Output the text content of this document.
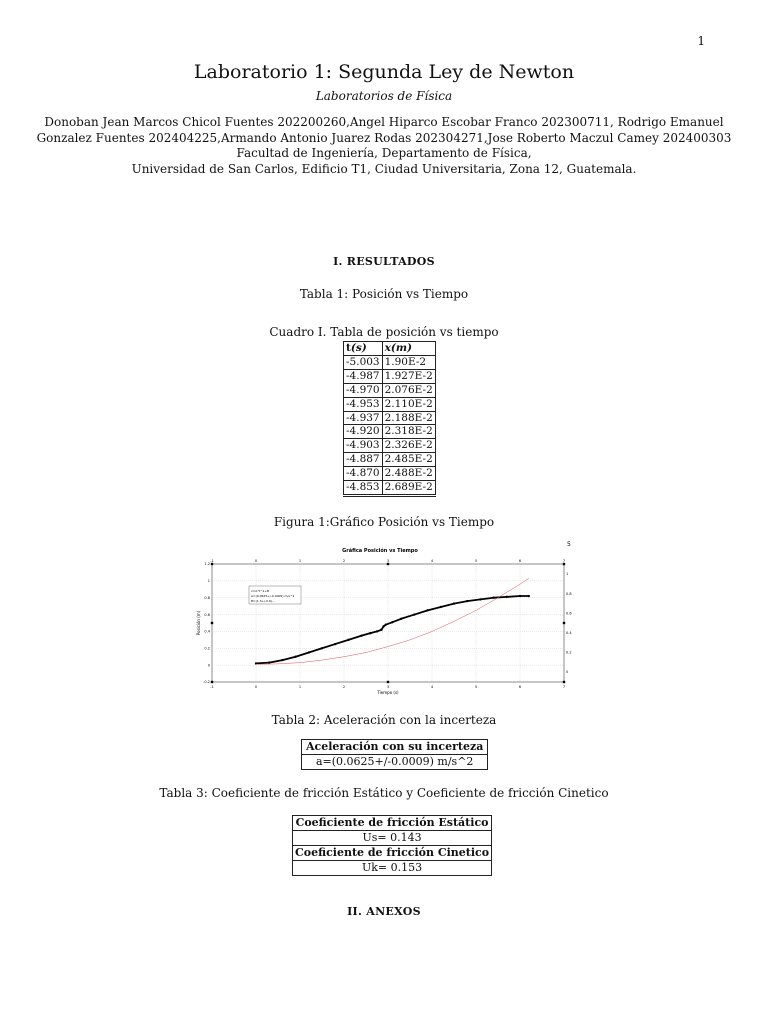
1
Laboratorio 1: Segunda Ley de Newton
Laboratorios de Física
Donoban Jean Marcos Chicol Fuentes 202200260,Angel Hiparco Escobar Franco 202300711, Rodrigo Emanuel
Gonzalez Fuentes 202404225,Armando Antonio Juarez Rodas 202304271,Jose Roberto Maczul Camey 202400303
Facultad de Ingeniería, Departamento de Física,
Universidad de San Carlos, Edificio T1, Ciudad Universitaria, Zona 12, Guatemala.
I. RESULTADOS
Tabla 1: Posición vs Tiempo
Cuadro I. Tabla de posición vs tiempo
t(s)	x(m)
-5.003	1.90E-2
-4.987	1.927E-2
-4.970	2.076E-2
-4.953	2.110E-2
-4.937	2.188E-2
-4.920	2.318E-2
-4.903	2.326E-2
-4.887	2.485E-2
-4.870	2.488E-2
-4.853	2.689E-2
Figura 1:Gráfico Posición vs Tiempo
5
Gráfica Posición vs Tiempo
-1
-1
0
0
1
1
2
2
3
3
4
4
5
5
6
6
7
7
-0.2
0
0.2
0.4
0.6
0.8
1
1.2
0
0.2
0.4
0.6
0.8
1
x=A*t^2+B
A=(0.0625+/-0.0009) m/s^2
B=(1.3+/-0.6)...
Tiempo (s)
Posición (m)
Tabla 2: Aceleración con la incerteza
Aceleración con su incerteza
a=(0.0625+/-0.0009) m/s^2
Tabla 3: Coeficiente de fricción Estático y Coeficiente de fricción Cinetico
Coeficiente de fricción Estático
Us= 0.143
Coeficiente de fricción Cinetico
Uk= 0.153
II. ANEXOS
